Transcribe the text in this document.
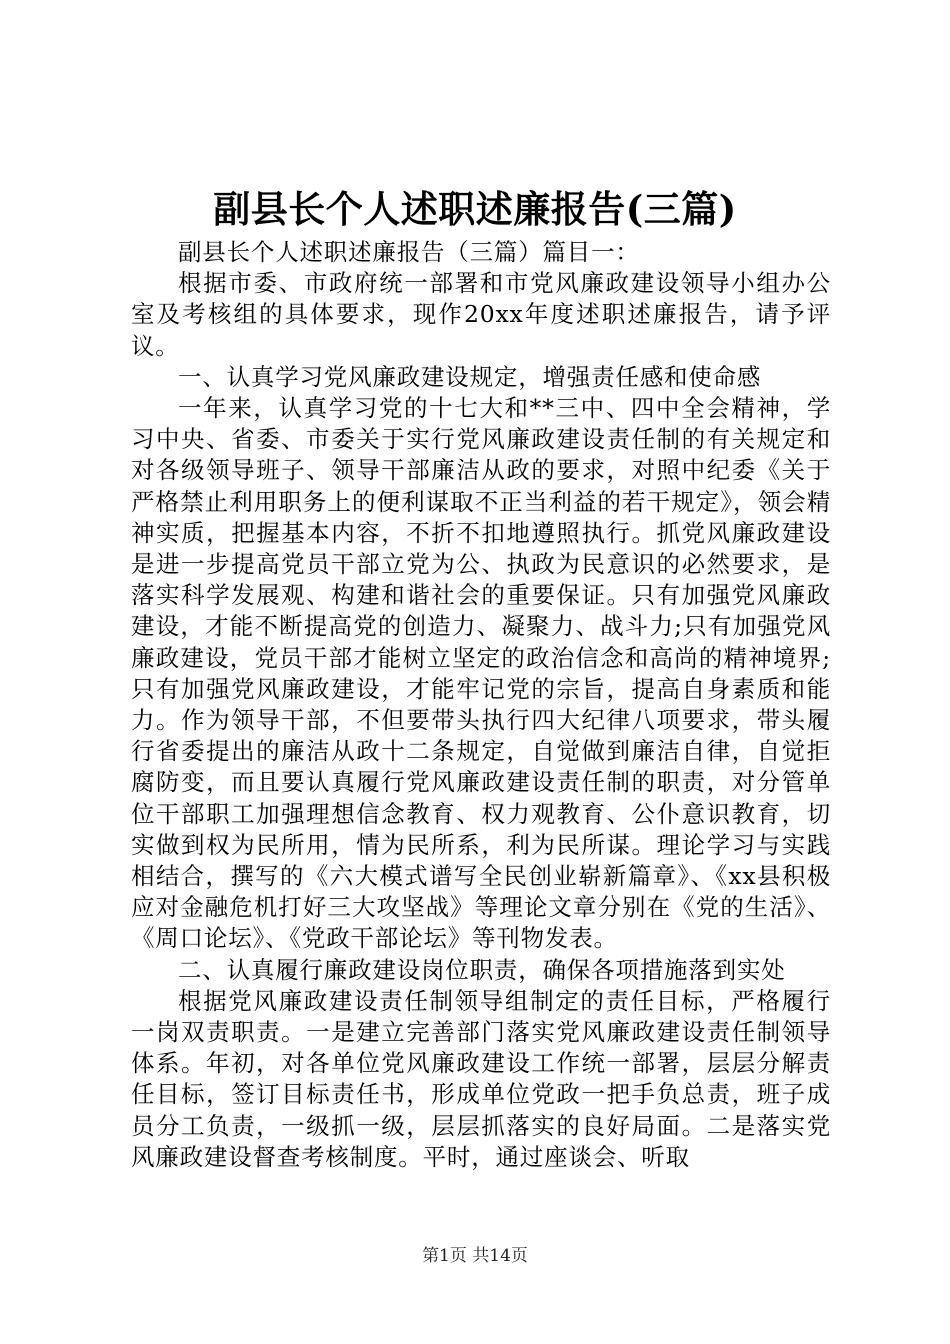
副县长个人述职述廉报告(三篇)

副县长个人述职述廉报告（三篇）篇目一：

根据市委、市政府统一部署和市党风廉政建设领导小组办公室及考核组的具体要求，现作20xx年度述职述廉报告，请予评议。

一、认真学习党风廉政建设规定，增强责任感和使命感

一年来，认真学习党的十七大和**三中、四中全会精神，学习中央、省委、市委关于实行党风廉政建设责任制的有关规定和对各级领导班子、领导干部廉洁从政的要求，对照中纪委《关于严格禁止利用职务上的便利谋取不正当利益的若干规定》，领会精神实质，把握基本内容，不折不扣地遵照执行。抓党风廉政建设是进一步提高党员干部立党为公、执政为民意识的必然要求，是落实科学发展观、构建和谐社会的重要保证。只有加强党风廉政建设，才能不断提高党的创造力、凝聚力、战斗力;只有加强党风廉政建设，党员干部才能树立坚定的政治信念和高尚的精神境界;只有加强党风廉政建设，才能牢记党的宗旨，提高自身素质和能力。作为领导干部，不但要带头执行四大纪律八项要求，带头履行省委提出的廉洁从政十二条规定，自觉做到廉洁自律，自觉拒腐防变，而且要认真履行党风廉政建设责任制的职责，对分管单位干部职工加强理想信念教育、权力观教育、公仆意识教育，切实做到权为民所用，情为民所系，利为民所谋。理论学习与实践相结合，撰写的《六大模式谱写全民创业崭新篇章》、《xx县积极应对金融危机打好三大攻坚战》等理论文章分别在《党的生活》、《周口论坛》、《党政干部论坛》等刊物发表。

二、认真履行廉政建设岗位职责，确保各项措施落到实处

根据党风廉政建设责任制领导组制定的责任目标，严格履行一岗双责职责。一是建立完善部门落实党风廉政建设责任制领导体系。年初，对各单位党风廉政建设工作统一部署，层层分解责任目标，签订目标责任书，形成单位党政一把手负总责，班子成员分工负责，一级抓一级，层层抓落实的良好局面。二是落实党风廉政建设督查考核制度。平时，通过座谈会、听取

第1页 共14页
